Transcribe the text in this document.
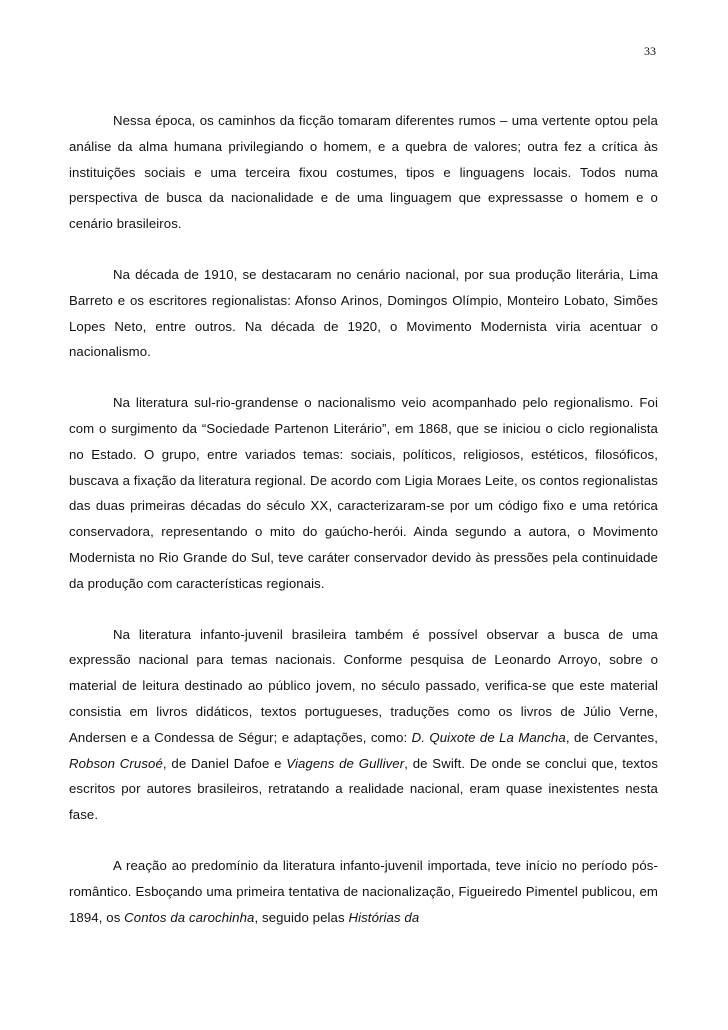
33

Nessa época, os caminhos da ficção tomaram diferentes rumos – uma vertente optou pela análise da alma humana privilegiando o homem, e a quebra de valores; outra fez a crítica às instituições sociais e uma terceira fixou costumes, tipos e linguagens locais. Todos numa perspectiva de busca da nacionalidade e de uma linguagem que expressasse o homem e o cenário brasileiros.

Na década de 1910, se destacaram no cenário nacional, por sua produção literária, Lima Barreto e os escritores regionalistas: Afonso Arinos, Domingos Olímpio, Monteiro Lobato, Simões Lopes Neto, entre outros. Na década de 1920, o Movimento Modernista viria acentuar o nacionalismo.

Na literatura sul-rio-grandense o nacionalismo veio acompanhado pelo regionalismo. Foi com o surgimento da “Sociedade Partenon Literário”, em 1868, que se iniciou o ciclo regionalista no Estado. O grupo, entre variados temas: sociais, políticos, religiosos, estéticos, filosóficos, buscava a fixação da literatura regional. De acordo com Ligia Moraes Leite, os contos regionalistas das duas primeiras décadas do século XX, caracterizaram-se por um código fixo e uma retórica conservadora, representando o mito do gaúcho-herói. Ainda segundo a autora, o Movimento Modernista no Rio Grande do Sul, teve caráter conservador devido às pressões pela continuidade da produção com características regionais.

Na literatura infanto-juvenil brasileira também é possível observar a busca de uma expressão nacional para temas nacionais. Conforme pesquisa de Leonardo Arroyo, sobre o material de leitura destinado ao público jovem, no século passado, verifica-se que este material consistia em livros didáticos, textos portugueses, traduções como os livros de Júlio Verne, Andersen e a Condessa de Ségur; e adaptações, como: D. Quixote de La Mancha, de Cervantes, Robson Crusoé, de Daniel Dafoe e Viagens de Gulliver, de Swift. De onde se conclui que, textos escritos por autores brasileiros, retratando a realidade nacional, eram quase inexistentes nesta fase.

A reação ao predomínio da literatura infanto-juvenil importada, teve início no período pós-romântico. Esboçando uma primeira tentativa de nacionalização, Figueiredo Pimentel publicou, em 1894, os Contos da carochinha, seguido pelas Histórias da
